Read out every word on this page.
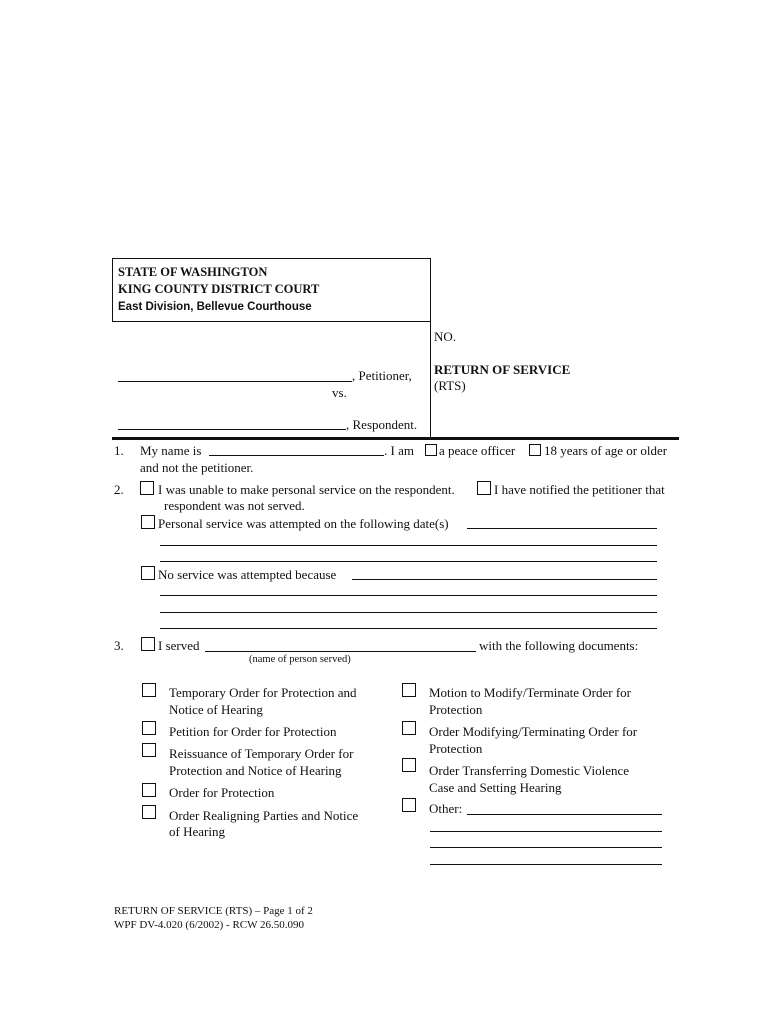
STATE OF WASHINGTON
KING COUNTY DISTRICT COURT
East Division, Bellevue Courthouse
NO.
RETURN OF SERVICE
(RTS)
, Petitioner,
vs.
, Respondent.
1. My name is	. I am a peace officer 18 years of age or older
and not the petitioner.
2.	I was unable to make personal service on the respondent.	I have notified the petitioner that
respondent was not served.
Personal service was attempted on the following date(s)
No service was attempted because
3.	I served	with the following documents:
(name of person served)
Temporary Order for Protection and
Notice of Hearing
Petition for Order for Protection
Reissuance of Temporary Order for
Protection and Notice of Hearing
Order for Protection
Order Realigning Parties and Notice
of Hearing
Motion to Modify/Terminate Order for
Protection
Order Modifying/Terminating Order for
Protection
Order Transferring Domestic Violence
Case and Setting Hearing
Other:
RETURN OF SERVICE (RTS) – Page 1 of 2
WPF DV-4.020 (6/2002) - RCW 26.50.090
